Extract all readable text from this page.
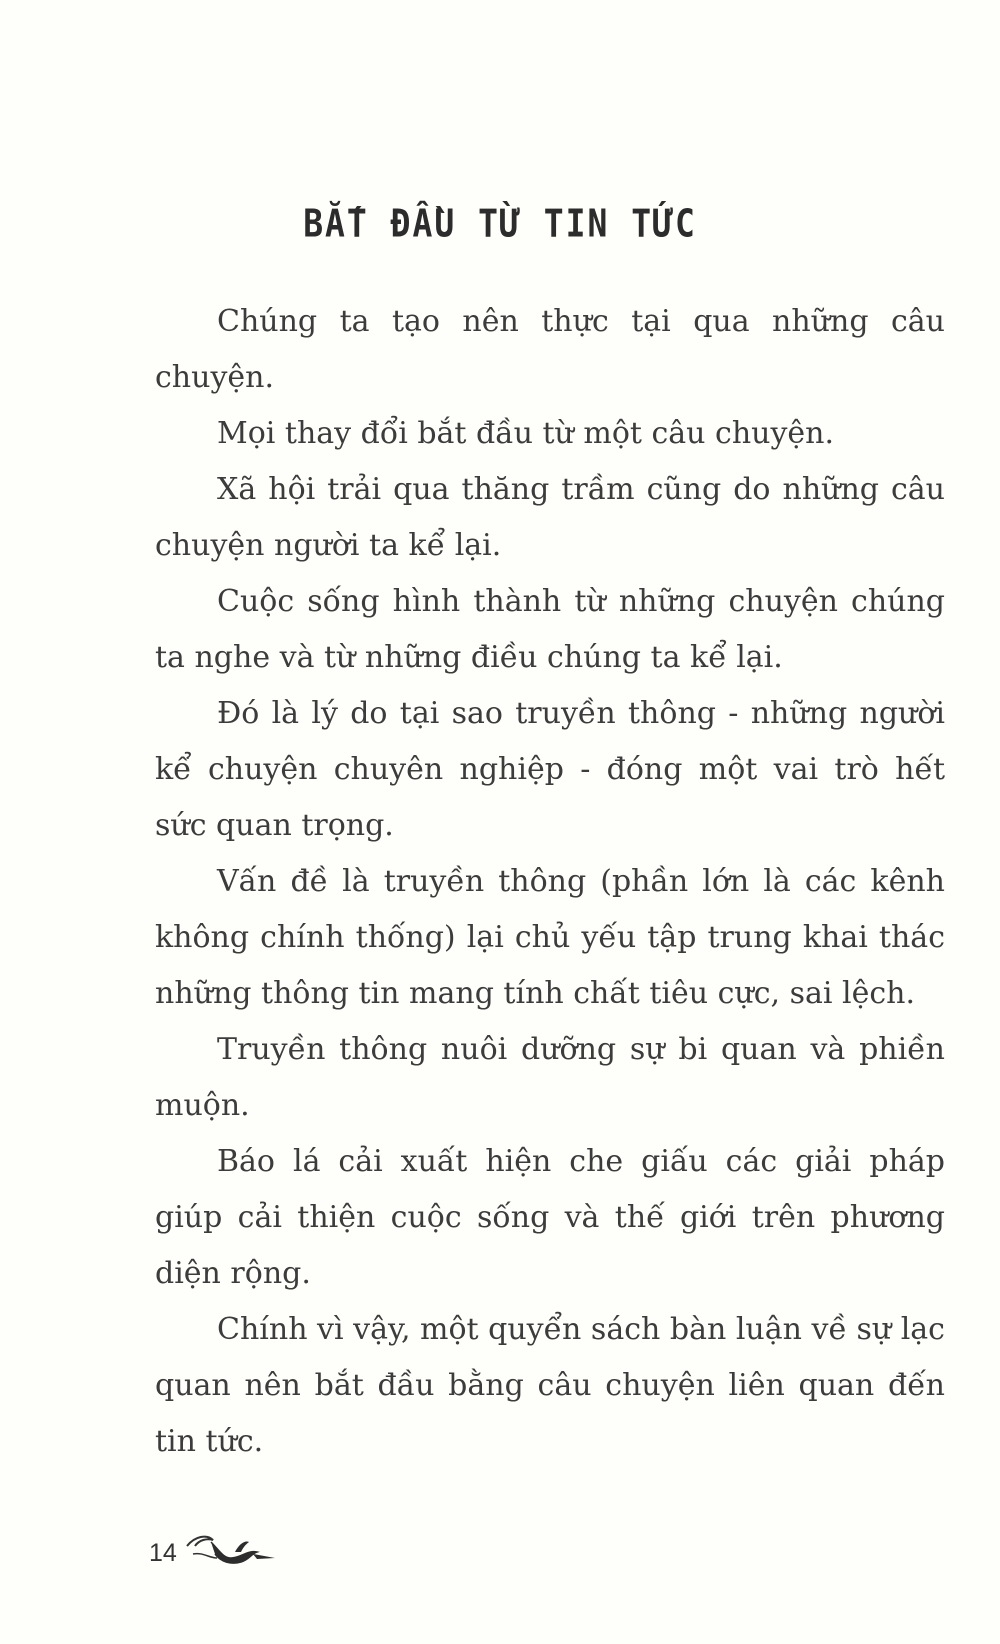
BẮT ĐẦU TỪ TIN TỨC

Chúng ta tạo nên thực tại qua những câu chuyện.

Mọi thay đổi bắt đầu từ một câu chuyện.

Xã hội trải qua thăng trầm cũng do những câu chuyện người ta kể lại.

Cuộc sống hình thành từ những chuyện chúng ta nghe và từ những điều chúng ta kể lại.

Đó là lý do tại sao truyền thông - những người kể chuyện chuyên nghiệp - đóng một vai trò hết sức quan trọng.

Vấn đề là truyền thông (phần lớn là các kênh không chính thống) lại chủ yếu tập trung khai thác những thông tin mang tính chất tiêu cực, sai lệch.

Truyền thông nuôi dưỡng sự bi quan và phiền muộn.

Báo lá cải xuất hiện che giấu các giải pháp giúp cải thiện cuộc sống và thế giới trên phương diện rộng.

Chính vì vậy, một quyển sách bàn luận về sự lạc quan nên bắt đầu bằng câu chuyện liên quan đến tin tức.

14
